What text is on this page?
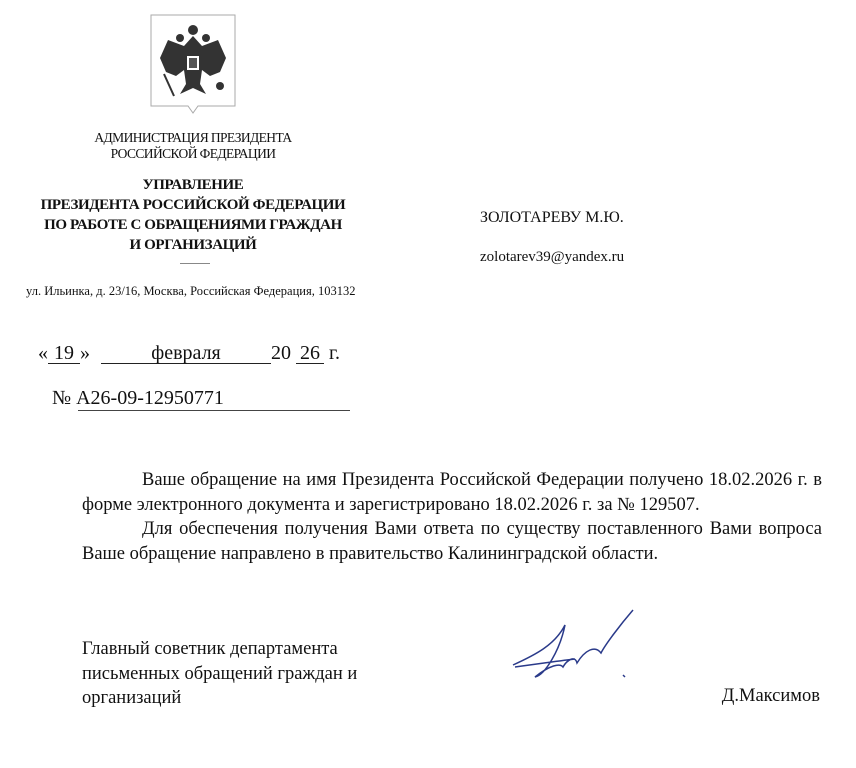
АДМИНИСТРАЦИЯ ПРЕЗИДЕНТА
РОССИЙСКОЙ ФЕДЕРАЦИИ
УПРАВЛЕНИЕ
ПРЕЗИДЕНТА РОССИЙСКОЙ ФЕДЕРАЦИИ
ПО РАБОТЕ С ОБРАЩЕНИЯМИ ГРАЖДАН
И ОРГАНИЗАЦИЙ
ул. Ильинка, д. 23/16, Москва, Российская Федерация, 103132
ЗОЛОТАРЕВУ М.Ю.
zolotarev39@yandex.ru
« 19 »	февраля	20 26 г.
№ А26-09-12950771

Ваше обращение на имя Президента Российской Федерации получено 18.02.2026 г. в форме электронного документа и зарегистрировано 18.02.2026 г. за № 129507.

Для обеспечения получения Вами ответа по существу поставленного Вами вопроса Ваше обращение направлено в правительство Калининградской области.

Главный советник департамента
письменных обращений граждан и
организаций	Д.Максимов
